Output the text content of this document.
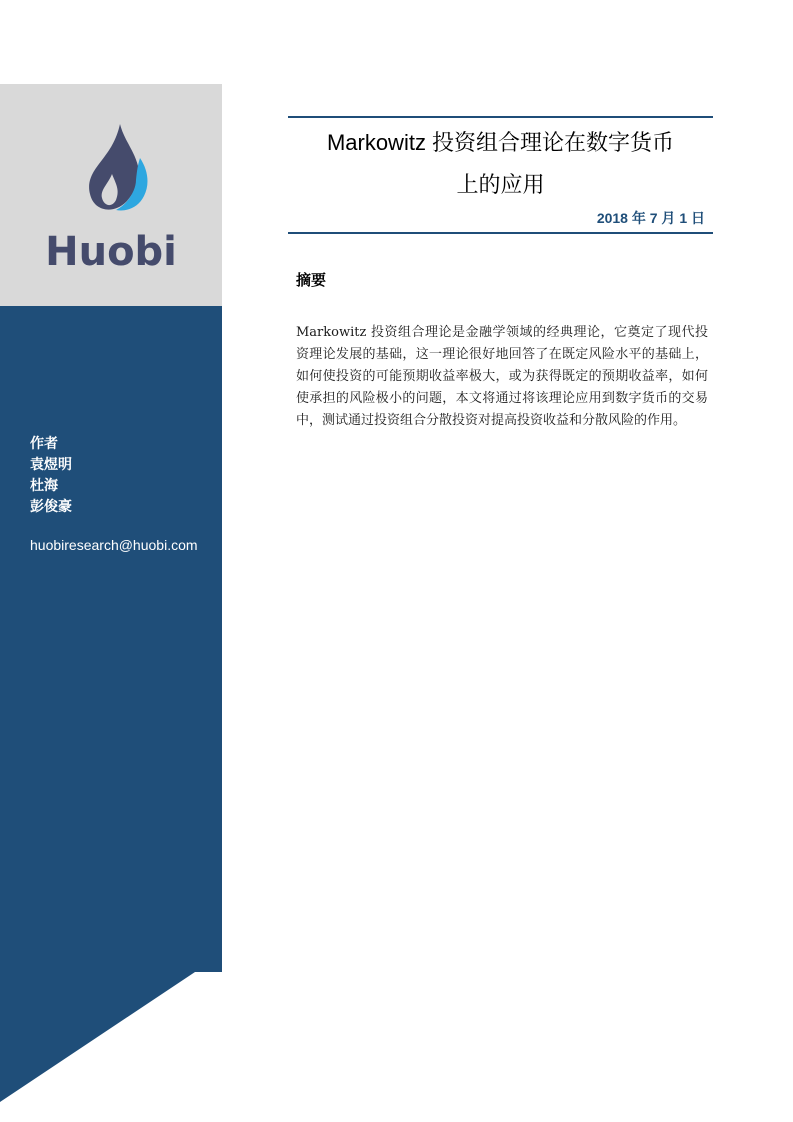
Huobi
作者
袁煜明
杜海
彭俊豪
huobiresearch@huobi.com
Markowitz 投资组合理论在数字货币
上的应用
2018 年 7 月 1 日
摘要
Markowitz 投资组合理论是金融学领域的经典理论，它奠定了现代投资理论发展的基础，这一理论很好地回答了在既定风险水平的基础上，如何使投资的可能预期收益率极大，或为获得既定的预期收益率，如何使承担的风险极小的问题，本文将通过将该理论应用到数字货币的交易中，测试通过投资组合分散投资对提高投资收益和分散风险的作用。
